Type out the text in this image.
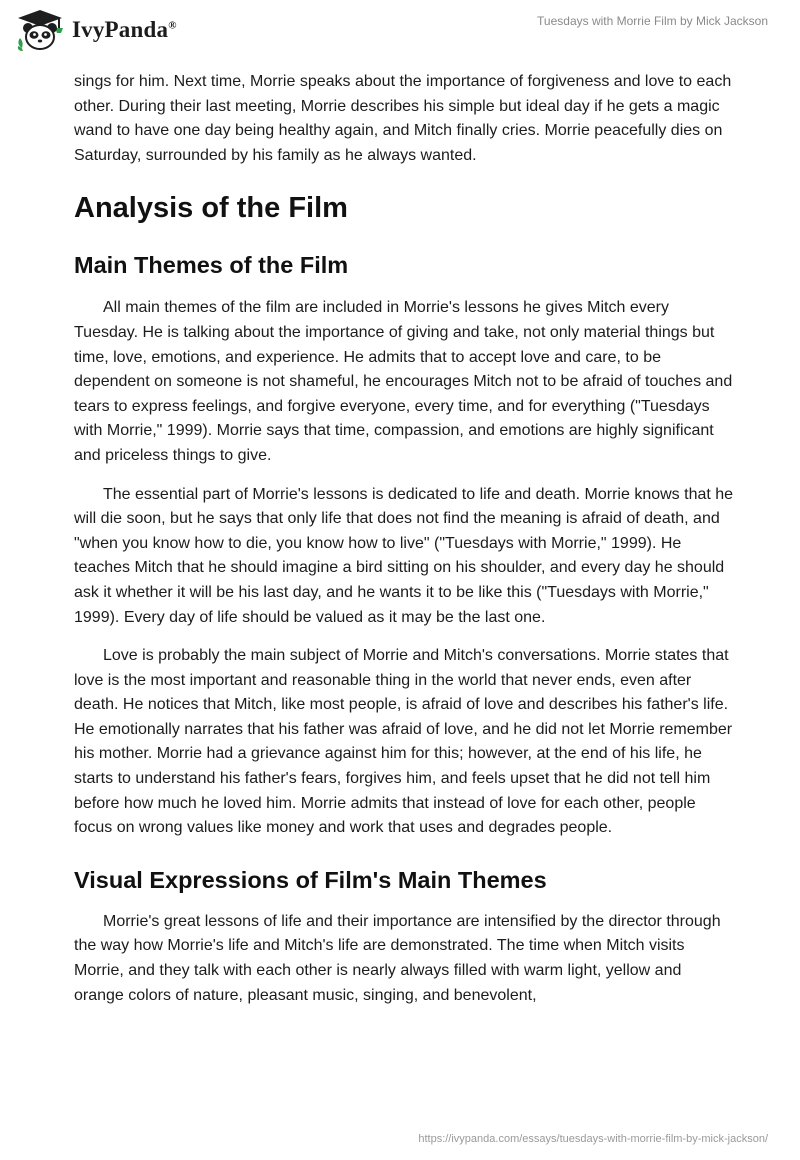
IvyPanda®	Tuesdays with Morrie Film by Mick Jackson

sings for him. Next time, Morrie speaks about the importance of forgiveness and love to each other. During their last meeting, Morrie describes his simple but ideal day if he gets a magic wand to have one day being healthy again, and Mitch finally cries. Morrie peacefully dies on Saturday, surrounded by his family as he always wanted.

Analysis of the Film
Main Themes of the Film

All main themes of the film are included in Morrie's lessons he gives Mitch every Tuesday. He is talking about the importance of giving and take, not only material things but time, love, emotions, and experience. He admits that to accept love and care, to be dependent on someone is not shameful, he encourages Mitch not to be afraid of touches and tears to express feelings, and forgive everyone, every time, and for everything ("Tuesdays with Morrie," 1999). Morrie says that time, compassion, and emotions are highly significant and priceless things to give.

The essential part of Morrie's lessons is dedicated to life and death. Morrie knows that he will die soon, but he says that only life that does not find the meaning is afraid of death, and "when you know how to die, you know how to live" ("Tuesdays with Morrie," 1999). He teaches Mitch that he should imagine a bird sitting on his shoulder, and every day he should ask it whether it will be his last day, and he wants it to be like this ("Tuesdays with Morrie," 1999). Every day of life should be valued as it may be the last one.

Love is probably the main subject of Morrie and Mitch's conversations. Morrie states that love is the most important and reasonable thing in the world that never ends, even after death. He notices that Mitch, like most people, is afraid of love and describes his father's life. He emotionally narrates that his father was afraid of love, and he did not let Morrie remember his mother. Morrie had a grievance against him for this; however, at the end of his life, he starts to understand his father's fears, forgives him, and feels upset that he did not tell him before how much he loved him. Morrie admits that instead of love for each other, people focus on wrong values like money and work that uses and degrades people.

Visual Expressions of Film's Main Themes

Morrie's great lessons of life and their importance are intensified by the director through the way how Morrie's life and Mitch's life are demonstrated. The time when Mitch visits Morrie, and they talk with each other is nearly always filled with warm light, yellow and orange colors of nature, pleasant music, singing, and benevolent,

https://ivypanda.com/essays/tuesdays-with-morrie-film-by-mick-jackson/
